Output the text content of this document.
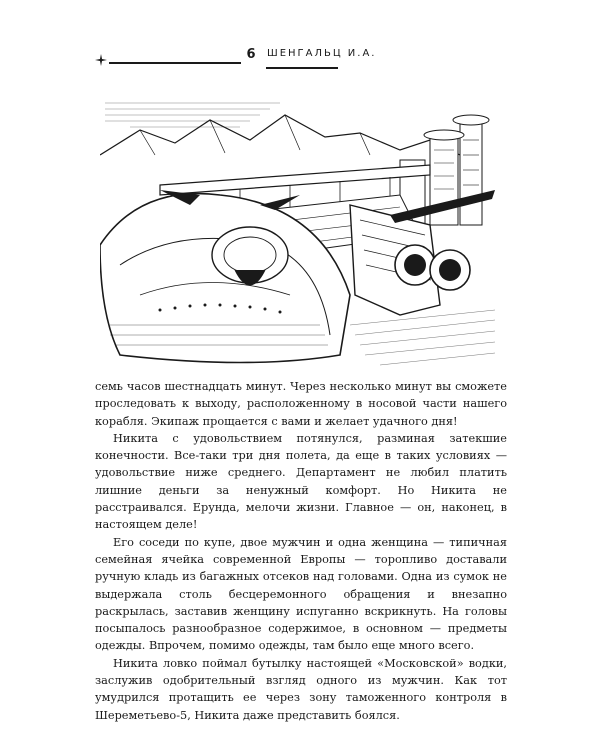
6	ШЕНГАЛЬЦ И.А.

семь часов шестнадцать минут. Через несколько минут вы сможете проследовать к выходу, расположенному в носовой части нашего корабля. Экипаж прощается с вами и желает удачного дня!

Никита с удовольствием потянулся, разминая затекшие конечности. Все-таки три дня полета, да еще в таких условиях — удовольствие ниже среднего. Департамент не любил платить лишние деньги за ненужный комфорт. Но Никита не расстраивался. Ерунда, мелочи жизни. Главное — он, наконец, в настоящем деле!

Его соседи по купе, двое мужчин и одна женщина — типичная семейная ячейка современной Европы — торопливо доставали ручную кладь из багажных отсеков над головами. Одна из сумок не выдержала столь бесцеремонного обращения и внезапно раскрылась, заставив женщину испуганно вскрикнуть. На головы посыпалось разнообразное содержимое, в основном — предметы одежды. Впрочем, помимо одежды, там было еще много всего.

Никита ловко поймал бутылку настоящей «Московской» водки, заслужив одобрительный взгляд одного из мужчин. Как тот умудрился протащить ее через зону таможенного контроля в Шереметьево-5, Никита даже представить боялся.
